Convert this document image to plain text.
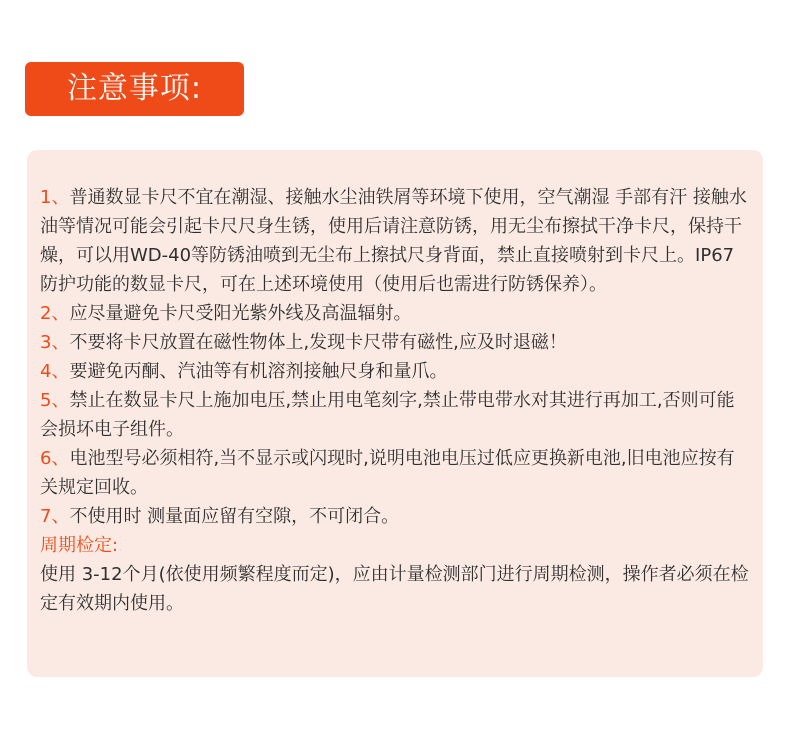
注意事项:

1、普通数显卡尺不宜在潮湿、接触水尘油铁屑等环境下使用，空气潮湿 手部有汗 接触水油等情况可能会引起卡尺尺身生锈，使用后请注意防锈，用无尘布擦拭干净卡尺，保持干燥，可以用WD-40等防锈油喷到无尘布上擦拭尺身背面，禁止直接喷射到卡尺上。IP67防护功能的数显卡尺，可在上述环境使用（使用后也需进行防锈保养）。

2、应尽量避免卡尺受阳光紫外线及高温辐射。

3、不要将卡尺放置在磁性物体上,发现卡尺带有磁性,应及时退磁！

4、要避免丙酮、汽油等有机溶剂接触尺身和量爪。

5、禁止在数显卡尺上施加电压,禁止用电笔刻字,禁止带电带水对其进行再加工,否则可能会损坏电子组件。

6、电池型号必须相符,当不显示或闪现时,说明电池电压过低应更换新电池,旧电池应按有关规定回收。

7、不使用时 测量面应留有空隙，不可闭合。

周期检定:

使用 3-12个月(依使用频繁程度而定)，应由计量检测部门进行周期检测，操作者必须在检定有效期内使用。
